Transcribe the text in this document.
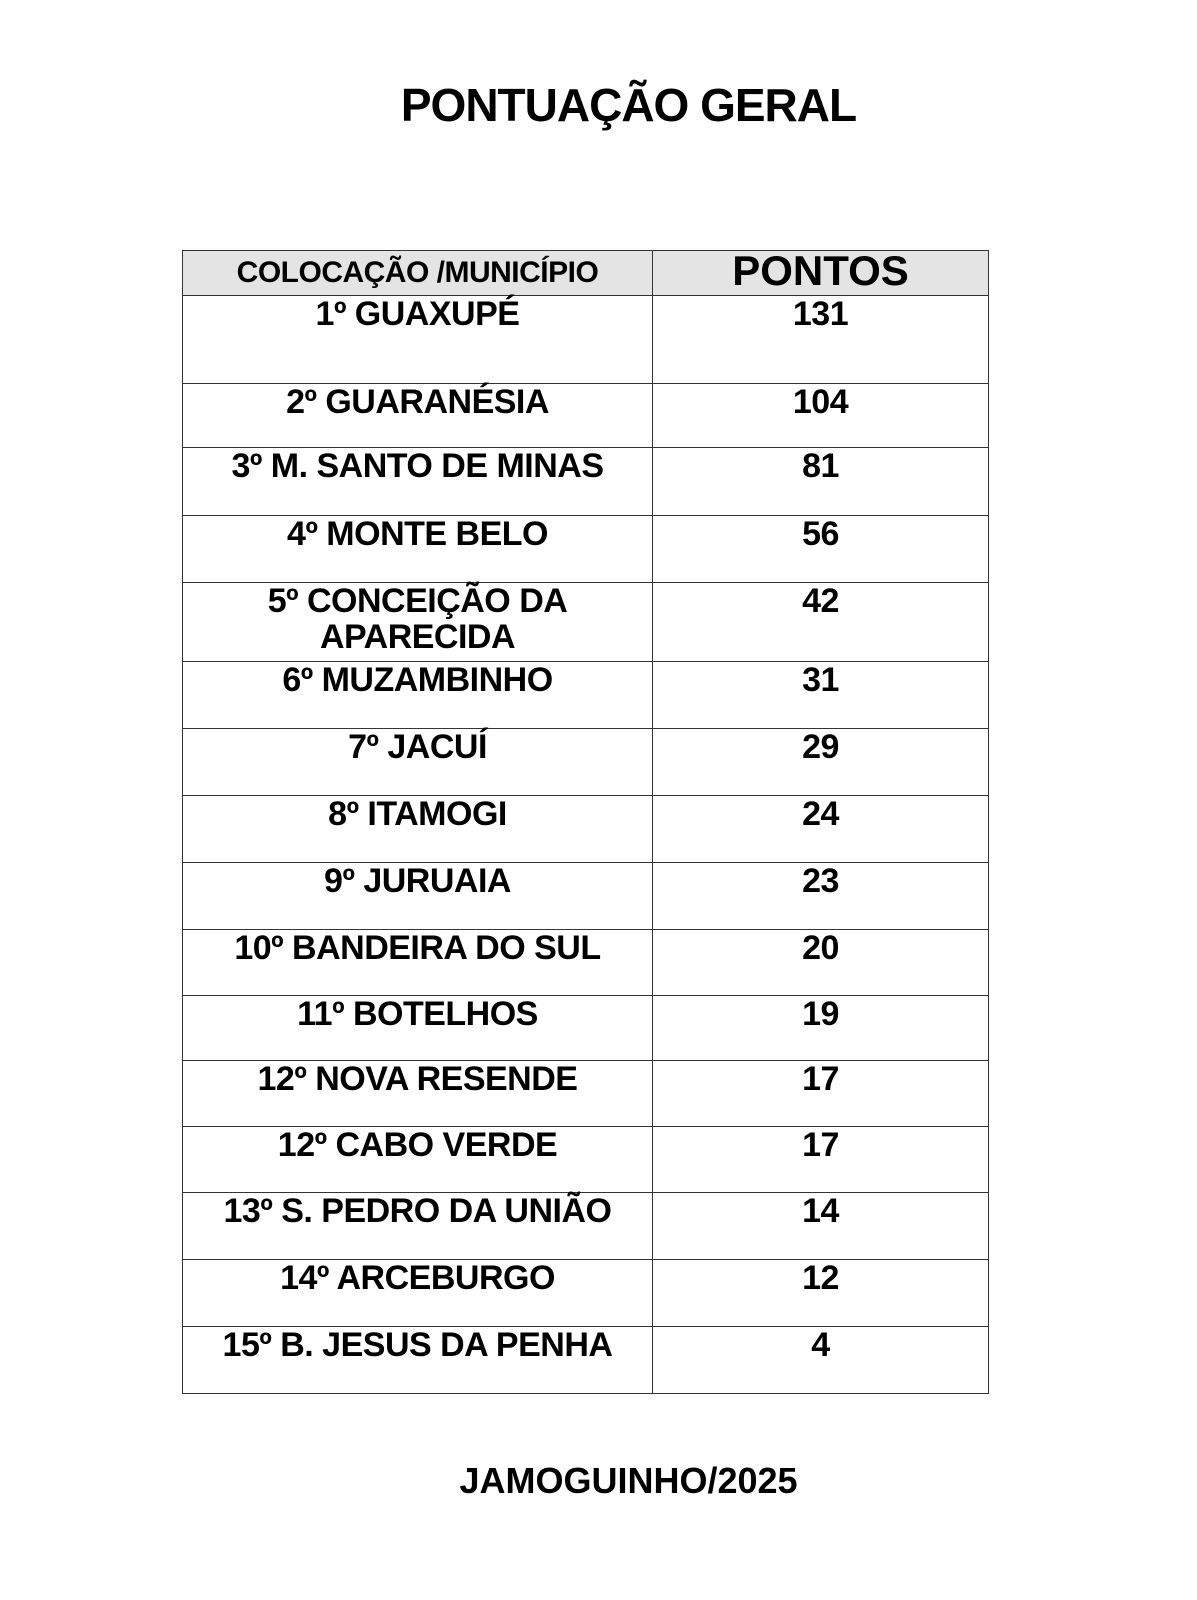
PONTUAÇÃO GERAL
COLOCAÇÃO /MUNICÍPIO	PONTOS
1º GUAXUPÉ	131
2º GUARANÉSIA	104
3º M. SANTO DE MINAS	81
4º MONTE BELO	56
5º CONCEIÇÃO DA APARECIDA	42
6º MUZAMBINHO	31
7º JACUÍ	29
8º ITAMOGI	24
9º JURUAIA	23
10º BANDEIRA DO SUL	20
11º BOTELHOS	19
12º NOVA RESENDE	17
12º CABO VERDE	17
13º S. PEDRO DA UNIÃO	14
14º ARCEBURGO	12
15º B. JESUS DA PENHA	4
JAMOGUINHO/2025
